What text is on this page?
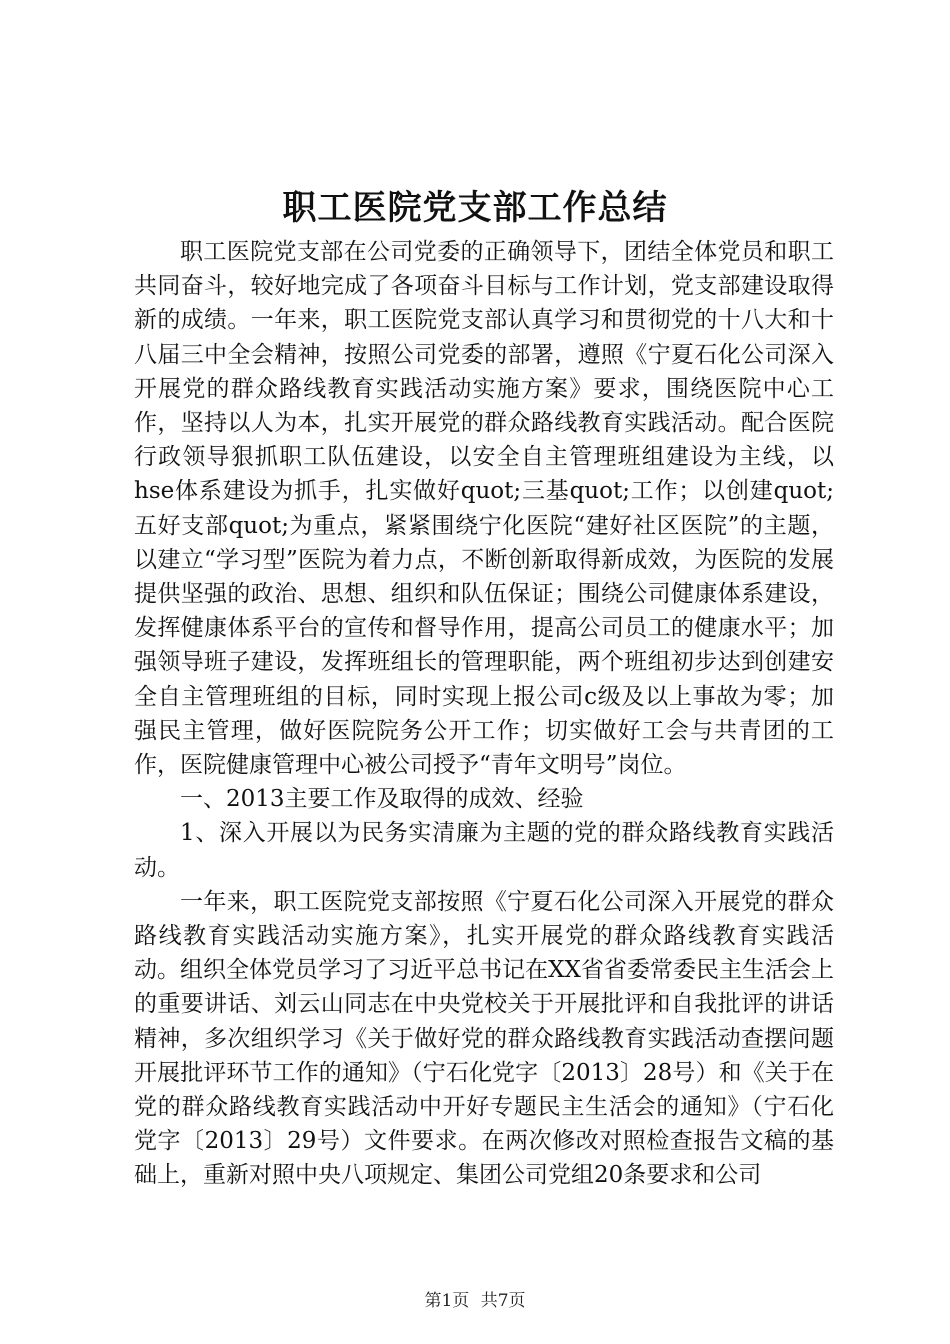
职工医院党支部工作总结

职工医院党支部在公司党委的正确领导下，团结全体党员和职工共同奋斗，较好地完成了各项奋斗目标与工作计划，党支部建设取得新的成绩。一年来，职工医院党支部认真学习和贯彻党的十八大和十八届三中全会精神，按照公司党委的部署，遵照《宁夏石化公司深入开展党的群众路线教育实践活动实施方案》要求，围绕医院中心工作，坚持以人为本，扎实开展党的群众路线教育实践活动。配合医院行政领导狠抓职工队伍建设，以安全自主管理班组建设为主线，以hse体系建设为抓手，扎实做好quot;三基quot;工作；以创建quot;五好支部quot;为重点，紧紧围绕宁化医院“建好社区医院”的主题，以建立“学习型”医院为着力点，不断创新取得新成效，为医院的发展提供坚强的政治、思想、组织和队伍保证；围绕公司健康体系建设，发挥健康体系平台的宣传和督导作用，提高公司员工的健康水平；加强领导班子建设，发挥班组长的管理职能，两个班组初步达到创建安全自主管理班组的目标，同时实现上报公司c级及以上事故为零；加强民主管理，做好医院院务公开工作；切实做好工会与共青团的工作，医院健康管理中心被公司授予“青年文明号”岗位。

一、2013主要工作及取得的成效、经验

1、深入开展以为民务实清廉为主题的党的群众路线教育实践活动。

一年来，职工医院党支部按照《宁夏石化公司深入开展党的群众路线教育实践活动实施方案》，扎实开展党的群众路线教育实践活动。组织全体党员学习了习近平总书记在XX省省委常委民主生活会上的重要讲话、刘云山同志在中央党校关于开展批评和自我批评的讲话精神，多次组织学习《关于做好党的群众路线教育实践活动查摆问题开展批评环节工作的通知》（宁石化党字〔2013〕28号）和《关于在党的群众路线教育实践活动中开好专题民主生活会的通知》（宁石化党字〔2013〕29号）文件要求。在两次修改对照检查报告文稿的基础上，重新对照中央八项规定、集团公司党组20条要求和公司

第1页 共7页
